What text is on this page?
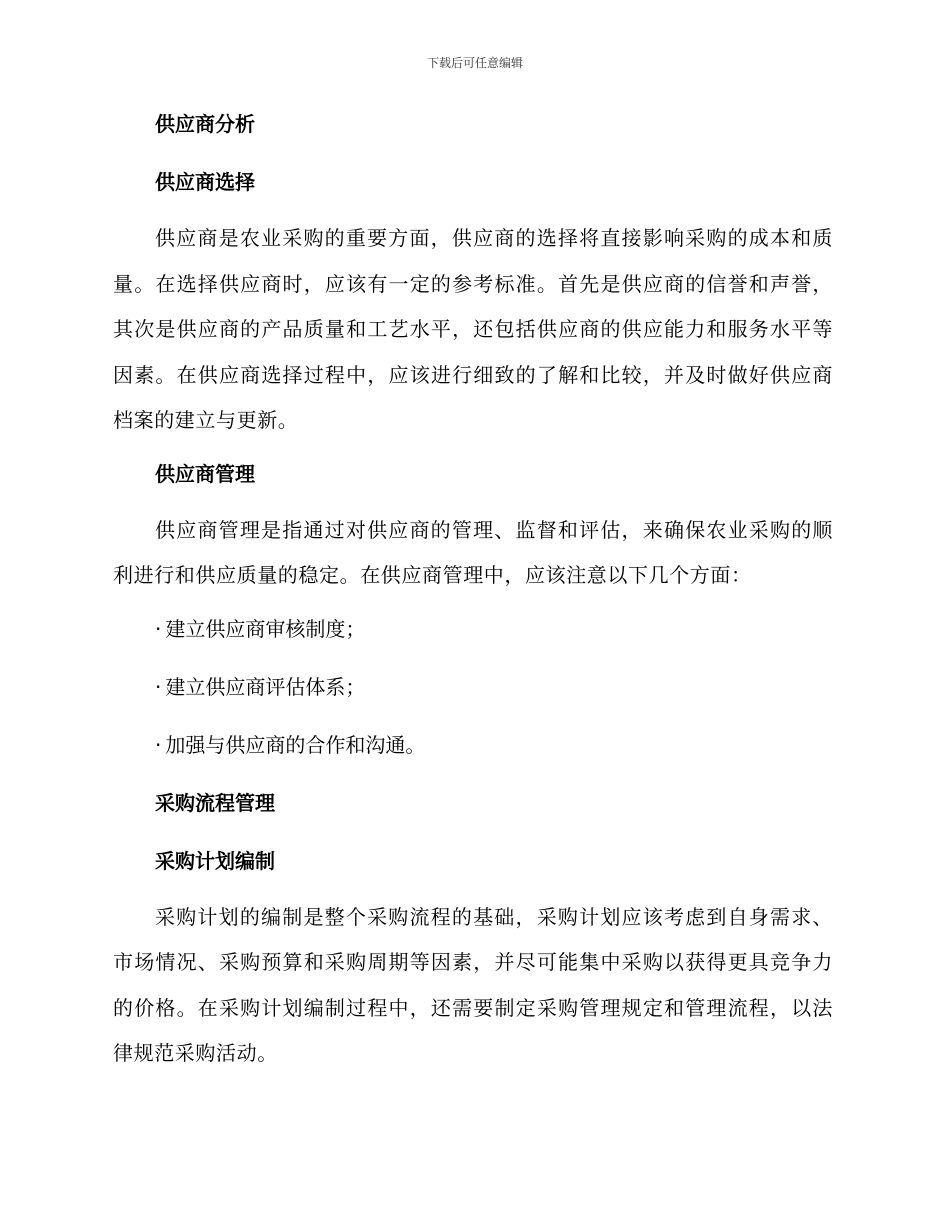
下载后可任意编辑
供应商分析
供应商选择

供应商是农业采购的重要方面，供应商的选择将直接影响采购的成本和质量。在选择供应商时，应该有一定的参考标准。首先是供应商的信誉和声誉，其次是供应商的产品质量和工艺水平，还包括供应商的供应能力和服务水平等因素。在供应商选择过程中，应该进行细致的了解和比较，并及时做好供应商档案的建立与更新。

供应商管理

供应商管理是指通过对供应商的管理、监督和评估，来确保农业采购的顺利进行和供应质量的稳定。在供应商管理中，应该注意以下几个方面：

· 建立供应商审核制度；
· 建立供应商评估体系；
· 加强与供应商的合作和沟通。
采购流程管理
采购计划编制

采购计划的编制是整个采购流程的基础，采购计划应该考虑到自身需求、市场情况、采购预算和采购周期等因素，并尽可能集中采购以获得更具竞争力的价格。在采购计划编制过程中，还需要制定采购管理规定和管理流程，以法律规范采购活动。
